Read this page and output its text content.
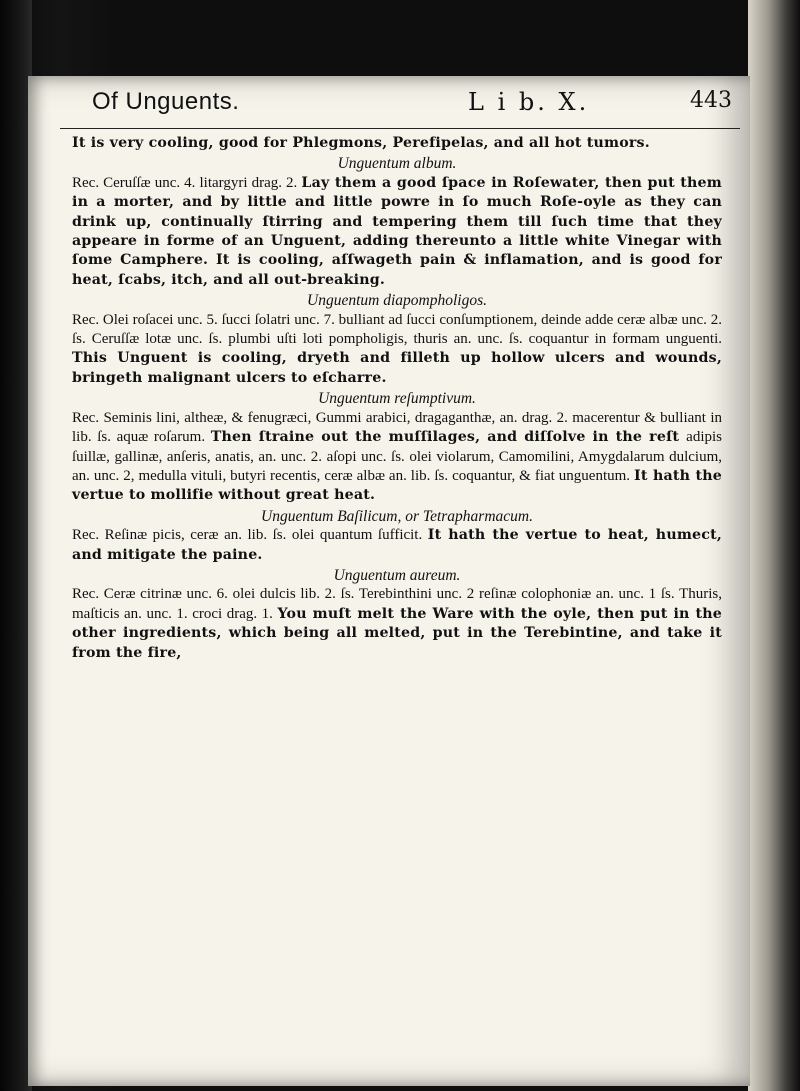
Of Unguents.	L i b. X.	443

It is very cooling, good for Phlegmons, Perefipelas, and all hot tumors.

Unguentum album.

Rec. Ceruſſæ unc. 4. litargyri drag. 2. Lay them a good ſpace in Roſewater, then put them in a morter, and by little and little powre in ſo much Roſe-oyle as they can drink up, continually ſtirring and tempering them till ſuch time that they appeare in forme of an Unguent, adding thereunto a little white Vinegar with ſome Camphere. It is cooling, aſſwageth pain & inflamation, and is good for heat, ſcabs, itch, and all out-breaking.

Unguentum diapompholigos.

Rec. Olei roſacei unc. 5. ſucci ſolatri unc. 7. bulliant ad ſucci conſumptionem, deinde adde ceræ albæ unc. 2. ſs. Ceruſſæ lotæ unc. ſs. plumbi uſti loti pompholigis, thuris an. unc. ſs. coquantur in formam unguenti. This Unguent is cooling, dryeth and filleth up hollow ulcers and wounds, bringeth malignant ulcers to eſcharre.

Unguentum reſumptivum.

Rec. Seminis lini, altheæ, & fenugræci, Gummi arabici, dragaganthæ, an. drag. 2. macerentur & bulliant in lib. ſs. aquæ roſarum. Then ſtraine out the muſſilages, and diſſolve in the reſt adipis ſuillæ, gallinæ, anſeris, anatis, an. unc. 2. aſopi unc. ſs. olei violarum, Camomilini, Amygdalarum dulcium, an. unc. 2, medulla vituli, butyri recentis, ceræ albæ an. lib. ſs. coquantur, & fiat unguentum. It hath the vertue to mollifie without great heat.

Unguentum Baſilicum, or Tetrapharmacum.

Rec. Reſinæ picis, ceræ an. lib. ſs. olei quantum ſufficit. It hath the vertue to heat, humect, and mitigate the paine.

Unguentum aureum.

Rec. Ceræ citrinæ unc. 6. olei dulcis lib. 2. ſs. Terebinthini unc. 2 reſinæ colophoniæ an. unc. 1 ſs. Thuris, maſticis an. unc. 1. croci drag. 1. You muſt melt the Ware with the oyle, then put in the other ingredients, which being all melted, put in the Terebintine, and take it from the fire,
